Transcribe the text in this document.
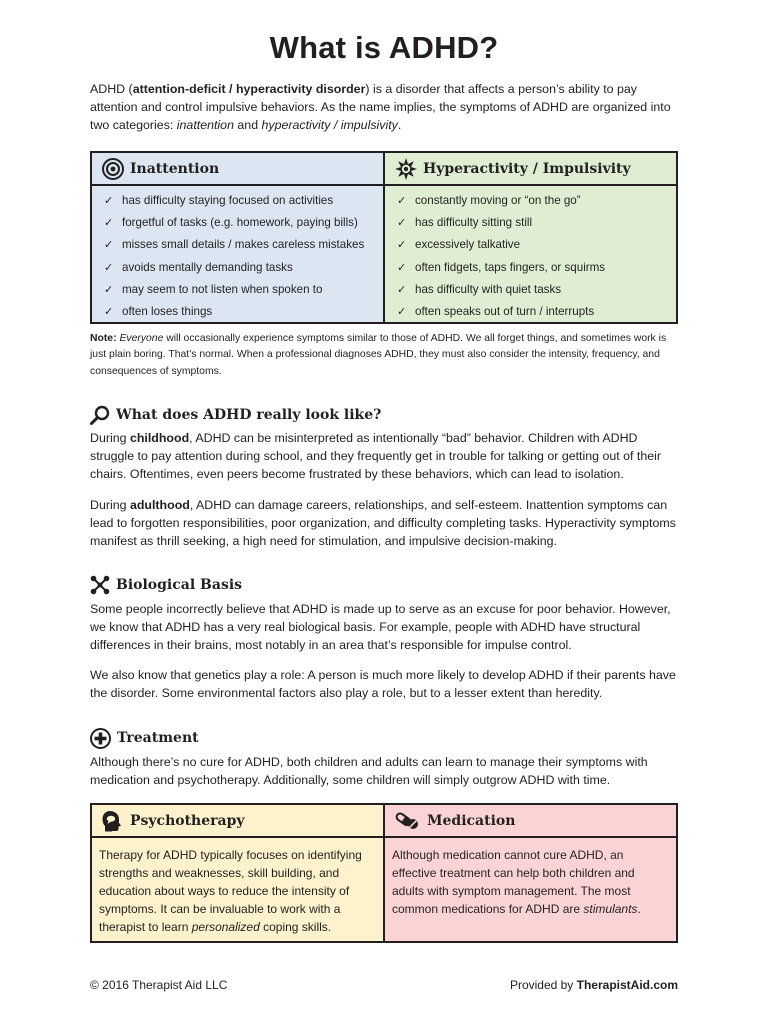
What is ADHD?

ADHD (attention-deficit / hyperactivity disorder) is a disorder that affects a person’s ability to pay attention and control impulsive behaviors. As the name implies, the symptoms of ADHD are organized into two categories: inattention and hyperactivity / impulsivity.

Inattention
✓ has difficulty staying focused on activities
✓ forgetful of tasks (e.g. homework, paying bills)
✓ misses small details / makes careless mistakes
✓ avoids mentally demanding tasks
✓ may seem to not listen when spoken to
✓ often loses things
Hyperactivity / Impulsivity
✓ constantly moving or “on the go”
✓ has difficulty sitting still
✓ excessively talkative
✓ often fidgets, taps fingers, or squirms
✓ has difficulty with quiet tasks
✓ often speaks out of turn / interrupts

Note: Everyone will occasionally experience symptoms similar to those of ADHD. We all forget things, and sometimes work is just plain boring. That’s normal. When a professional diagnoses ADHD, they must also consider the intensity, frequency, and consequences of symptoms.

What does ADHD really look like?

During childhood, ADHD can be misinterpreted as intentionally “bad” behavior. Children with ADHD struggle to pay attention during school, and they frequently get in trouble for talking or getting out of their chairs. Oftentimes, even peers become frustrated by these behaviors, which can lead to isolation.

During adulthood, ADHD can damage careers, relationships, and self-esteem. Inattention symptoms can lead to forgotten responsibilities, poor organization, and difficulty completing tasks. Hyperactivity symptoms manifest as thrill seeking, a high need for stimulation, and impulsive decision-making.

Biological Basis

Some people incorrectly believe that ADHD is made up to serve as an excuse for poor behavior. However, we know that ADHD has a very real biological basis. For example, people with ADHD have structural differences in their brains, most notably in an area that’s responsible for impulse control.

We also know that genetics play a role: A person is much more likely to develop ADHD if their parents have the disorder. Some environmental factors also play a role, but to a lesser extent than heredity.

Treatment

Although there’s no cure for ADHD, both children and adults can learn to manage their symptoms with medication and psychotherapy. Additionally, some children will simply outgrow ADHD with time.

Psychotherapy

Therapy for ADHD typically focuses on identifying strengths and weaknesses, skill building, and education about ways to reduce the intensity of symptoms. It can be invaluable to work with a therapist to learn personalized coping skills.

Medication

Although medication cannot cure ADHD, an effective treatment can help both children and adults with symptom management. The most common medications for ADHD are stimulants.

© 2016 Therapist Aid LLC	Provided by TherapistAid.com
